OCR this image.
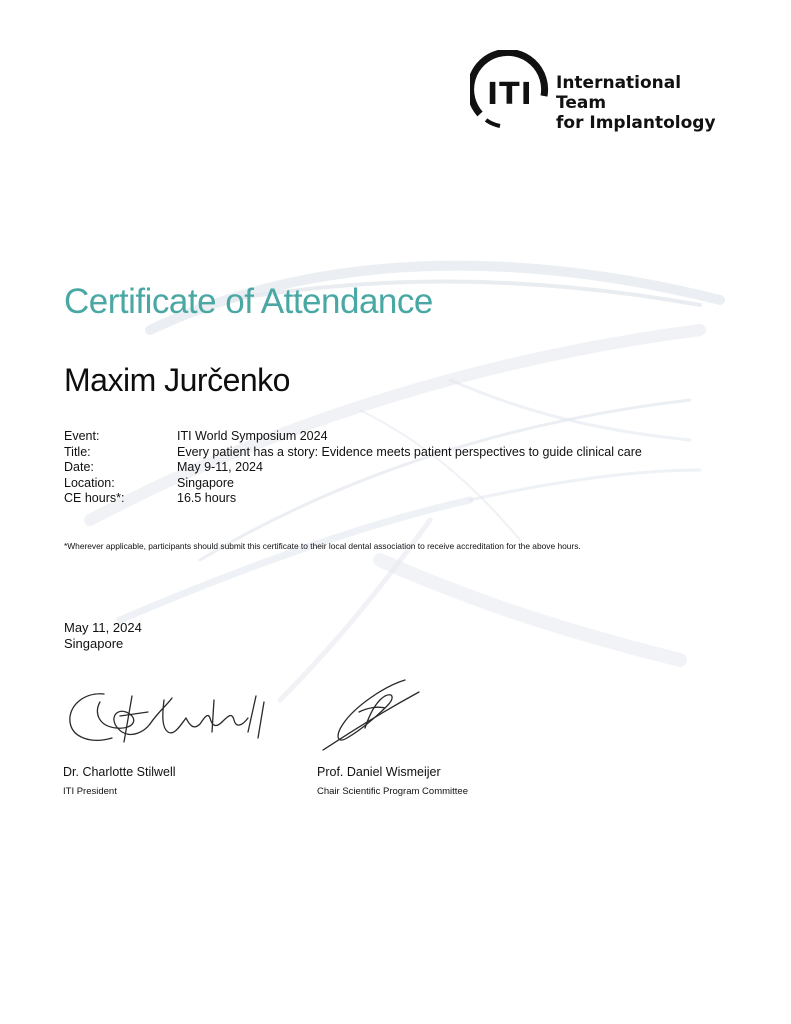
ITI International Team
for Implantology
Certificate of Attendance
Maxim Jurčenko
Event:	ITI World Symposium 2024
Title:	Every patient has a story: Evidence meets patient perspectives to guide clinical care
Date:	May 9-11, 2024
Location:	Singapore
CE hours*:	16.5 hours
*Wherever applicable, participants should submit this certificate to their local dental association to receive accreditation for the above hours.
May 11, 2024
Singapore
Dr. Charlotte Stilwell
ITI President
Prof. Daniel Wismeijer
Chair Scientific Program Committee
